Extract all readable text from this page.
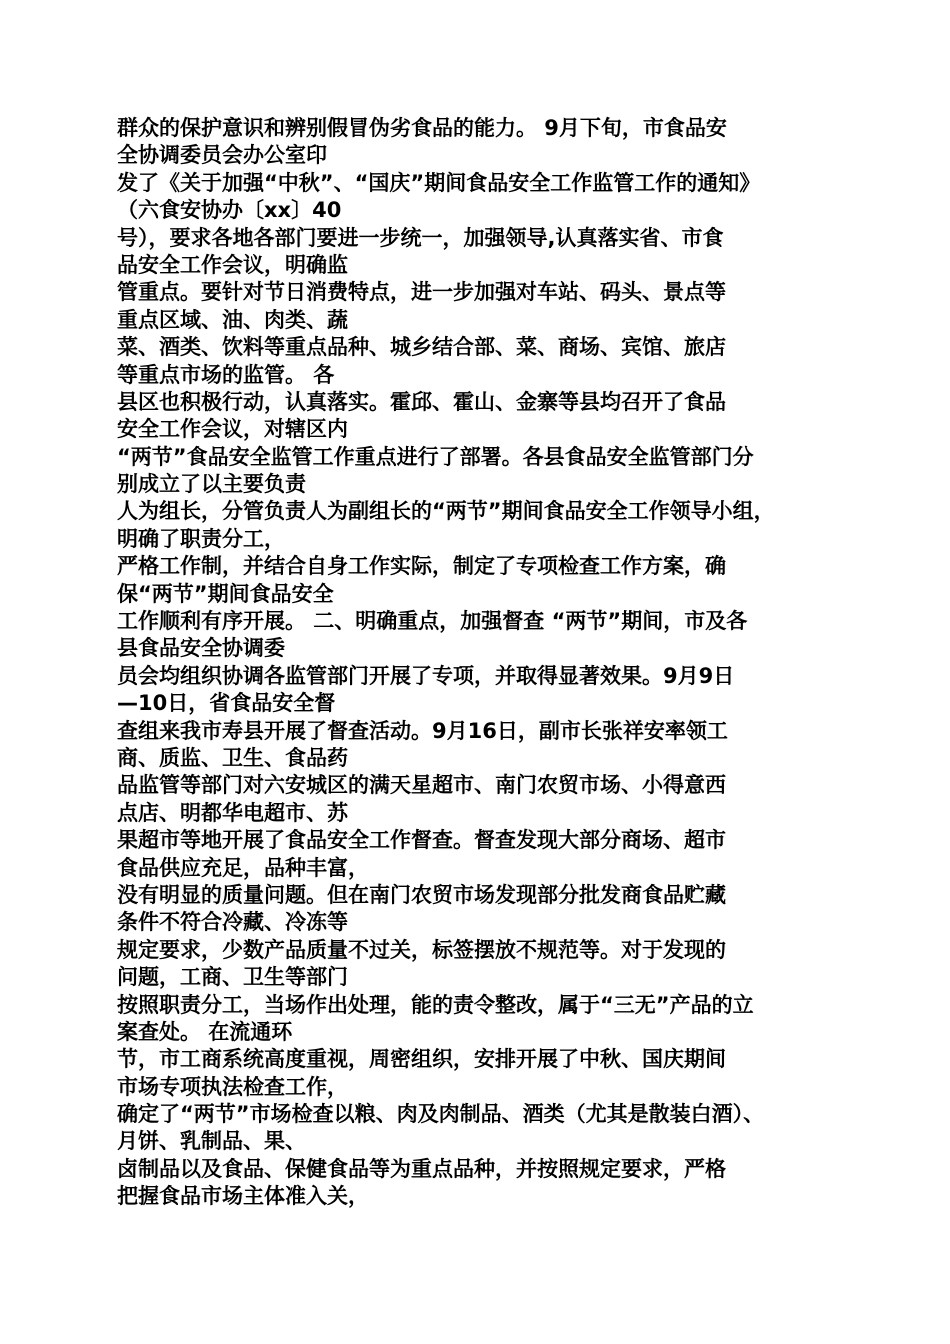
群众的保护意识和辨别假冒伪劣食品的能力。 9月下旬，市食品安
全协调委员会办公室印
发了《关于加强“中秋”、“国庆”期间食品安全工作监管工作的通知》
（六食安协办〔xx〕40
号），要求各地各部门要进一步统一，加强领导,认真落实省、市食
品安全工作会议，明确监
管重点。要针对节日消费特点，进一步加强对车站、码头、景点等
重点区域、油、肉类、蔬
菜、酒类、饮料等重点品种、城乡结合部、菜、商场、宾馆、旅店
等重点市场的监管。 各
县区也积极行动，认真落实。霍邱、霍山、金寨等县均召开了食品
安全工作会议，对辖区内
“两节”食品安全监管工作重点进行了部署。各县食品安全监管部门分
别成立了以主要负责
人为组长，分管负责人为副组长的“两节”期间食品安全工作领导小组，
明确了职责分工，
严格工作制，并结合自身工作实际，制定了专项检查工作方案，确
保“两节”期间食品安全
工作顺利有序开展。 二、明确重点，加强督查 “两节”期间，市及各
县食品安全协调委
员会均组织协调各监管部门开展了专项，并取得显著效果。9月9日
—10日，省食品安全督
查组来我市寿县开展了督查活动。9月16日，副市长张祥安率领工
商、质监、卫生、食品药
品监管等部门对六安城区的满天星超市、南门农贸市场、小得意西
点店、明都华电超市、苏
果超市等地开展了食品安全工作督查。督查发现大部分商场、超市
食品供应充足，品种丰富，
没有明显的质量问题。但在南门农贸市场发现部分批发商食品贮藏
条件不符合冷藏、冷冻等
规定要求，少数产品质量不过关，标签摆放不规范等。对于发现的
问题，工商、卫生等部门
按照职责分工，当场作出处理，能的责令整改，属于“三无”产品的立
案查处。 在流通环
节，市工商系统高度重视，周密组织，安排开展了中秋、国庆期间
市场专项执法检查工作，
确定了“两节”市场检查以粮、肉及肉制品、酒类（尤其是散装白酒）、
月饼、乳制品、果、
卤制品以及食品、保健食品等为重点品种，并按照规定要求，严格
把握食品市场主体准入关，
